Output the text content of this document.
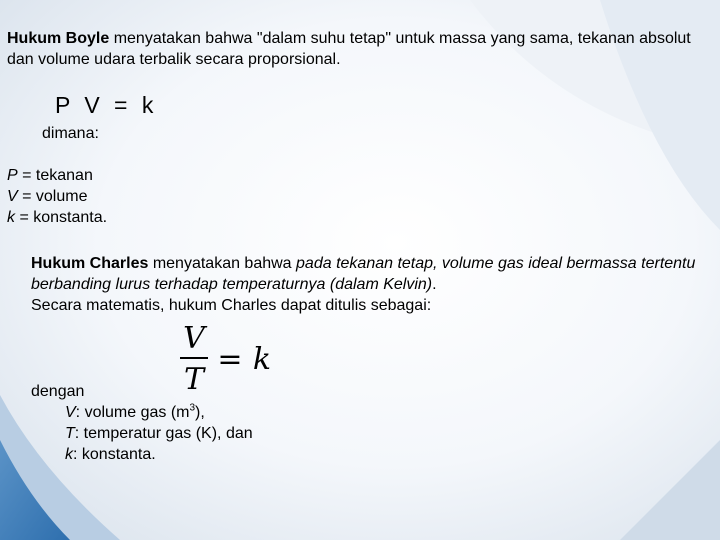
Hukum Boyle menyatakan bahwa "dalam suhu tetap" untuk massa yang sama, tekanan absolut dan volume udara terbalik secara proporsional.

P V = k
dimana:
P = tekanan
V = volume
k = konstanta.

Hukum Charles menyatakan bahwa pada tekanan tetap, volume gas ideal bermassa tertentu berbanding lurus terhadap temperaturnya (dalam Kelvin).
Secara matematis, hukum Charles dapat ditulis sebagai:

V
T
= k
dengan
V: volume gas $(m^3)$,
T: temperatur gas (K), dan
k: konstanta.
